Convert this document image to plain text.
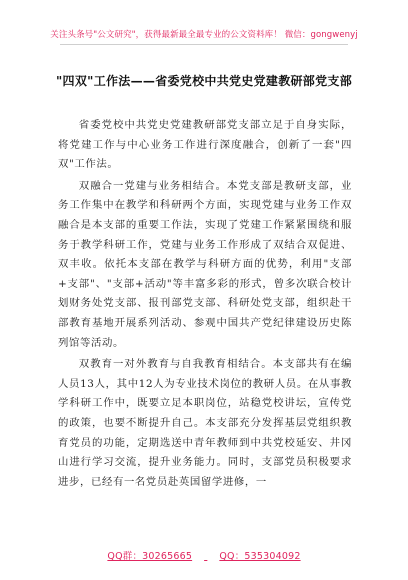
关注头条号"公文研究"，获得最新最全最专业的公文资料库！ 微信：gongwenyj
"四双"工作法——省委党校中共党史党建教研部党支部

省委党校中共党史党建教研部党支部立足于自身实际，将党建工作与中心业务工作进行深度融合，创新了一套"四双"工作法。

双融合一党建与业务相结合。本党支部是教研支部，业务工作集中在教学和科研两个方面，实现党建与业务工作双融合是本支部的重要工作法，实现了党建工作紧紧围绕和服务于教学科研工作，党建与业务工作形成了双结合双促进、双丰收。依托本支部在教学与科研方面的优势，利用"支部+支部"、"支部+活动"等丰富多彩的形式，曾多次联合校计划财务处党支部、报刊部党支部、科研处党支部，组织赴干部教育基地开展系列活动、参观中国共产党纪律建设历史陈列馆等活动。

双教育一对外教育与自我教育相结合。本支部共有在编人员13人，其中12人为专业技术岗位的教研人员。在从事教学科研工作中，既要立足本职岗位，站稳党校讲坛，宣传党的政策，也要不断提升自己。本支部充分发挥基层党组织教育党员的功能，定期选送中青年教师到中共党校延安、井冈山进行学习交流，提升业务能力。同时，支部党员积极要求进步，已经有一名党员赴英国留学进修，一

QQ群：30265665	QQ：535304092
